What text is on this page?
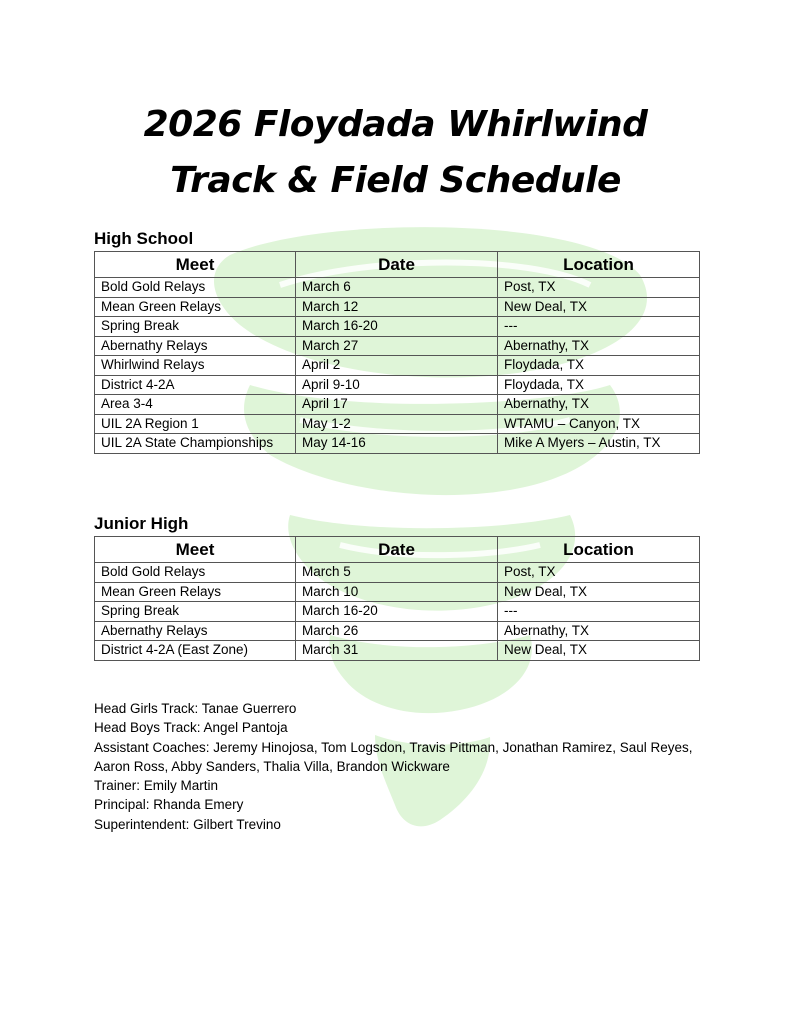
2026 Floydada Whirlwind
Track & Field Schedule
High School
Meet	Date	Location
Bold Gold Relays	March 6	Post, TX
Mean Green Relays	March 12	New Deal, TX
Spring Break	March 16-20	---
Abernathy Relays	March 27	Abernathy, TX
Whirlwind Relays	April 2	Floydada, TX
District 4-2A	April 9-10	Floydada, TX
Area 3-4	April 17	Abernathy, TX
UIL 2A Region 1	May 1-2	WTAMU – Canyon, TX
UIL 2A State Championships	May 14-16	Mike A Myers – Austin, TX
Junior High
Meet	Date	Location
Bold Gold Relays	March 5	Post, TX
Mean Green Relays	March 10	New Deal, TX
Spring Break	March 16-20	---
Abernathy Relays	March 26	Abernathy, TX
District 4-2A (East Zone)	March 31	New Deal, TX

Head Girls Track: Tanae Guerrero

Head Boys Track: Angel Pantoja

Assistant Coaches: Jeremy Hinojosa, Tom Logsdon, Travis Pittman, Jonathan Ramirez, Saul Reyes, Aaron Ross, Abby Sanders, Thalia Villa, Brandon Wickware

Trainer: Emily Martin

Principal: Rhanda Emery

Superintendent: Gilbert Trevino
